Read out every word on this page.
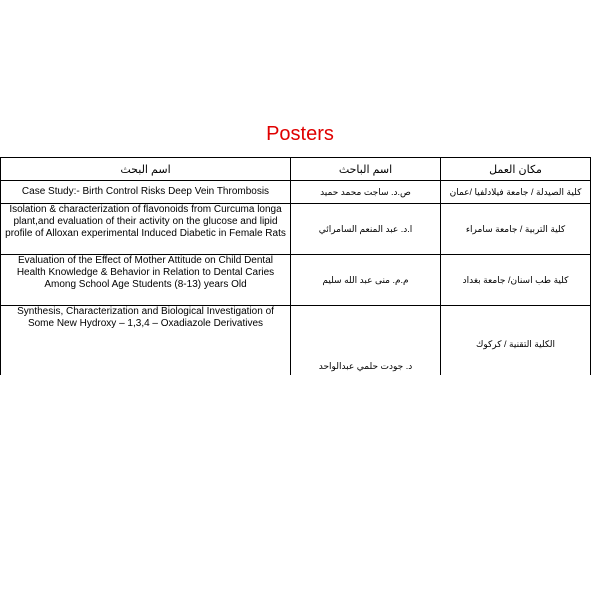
Posters
	اسم البحث	اسم الباحث	مكان العمل
	Case Study:- Birth Control Risks Deep Vein Thrombosis	ص.د. ساجت محمد حميد	كلية الصيدلة / جامعة فيلادلفيا /عمان
	Isolation & characterization of flavonoids from Curcuma longa plant,and evaluation of their activity on the glucose and lipid profile of Alloxan experimental Induced Diabetic in Female Rats	ا.د. عبد المنعم السامرائي	كلية التربية / جامعة سامراء
	Evaluation of the Effect of Mother Attitude on Child Dental Health Knowledge & Behavior in Relation to Dental Caries Among School Age Students (8-13) years Old	م.م. منى عبد الله سليم	كلية طب اسنان/ جامعة بغداد
	Synthesis, Characterization and Biological Investigation of Some New Hydroxy – 1,3,4 – Oxadiazole Derivatives	د. جودت حلمي عبدالواحد	الكلية التقنية / كركوك
